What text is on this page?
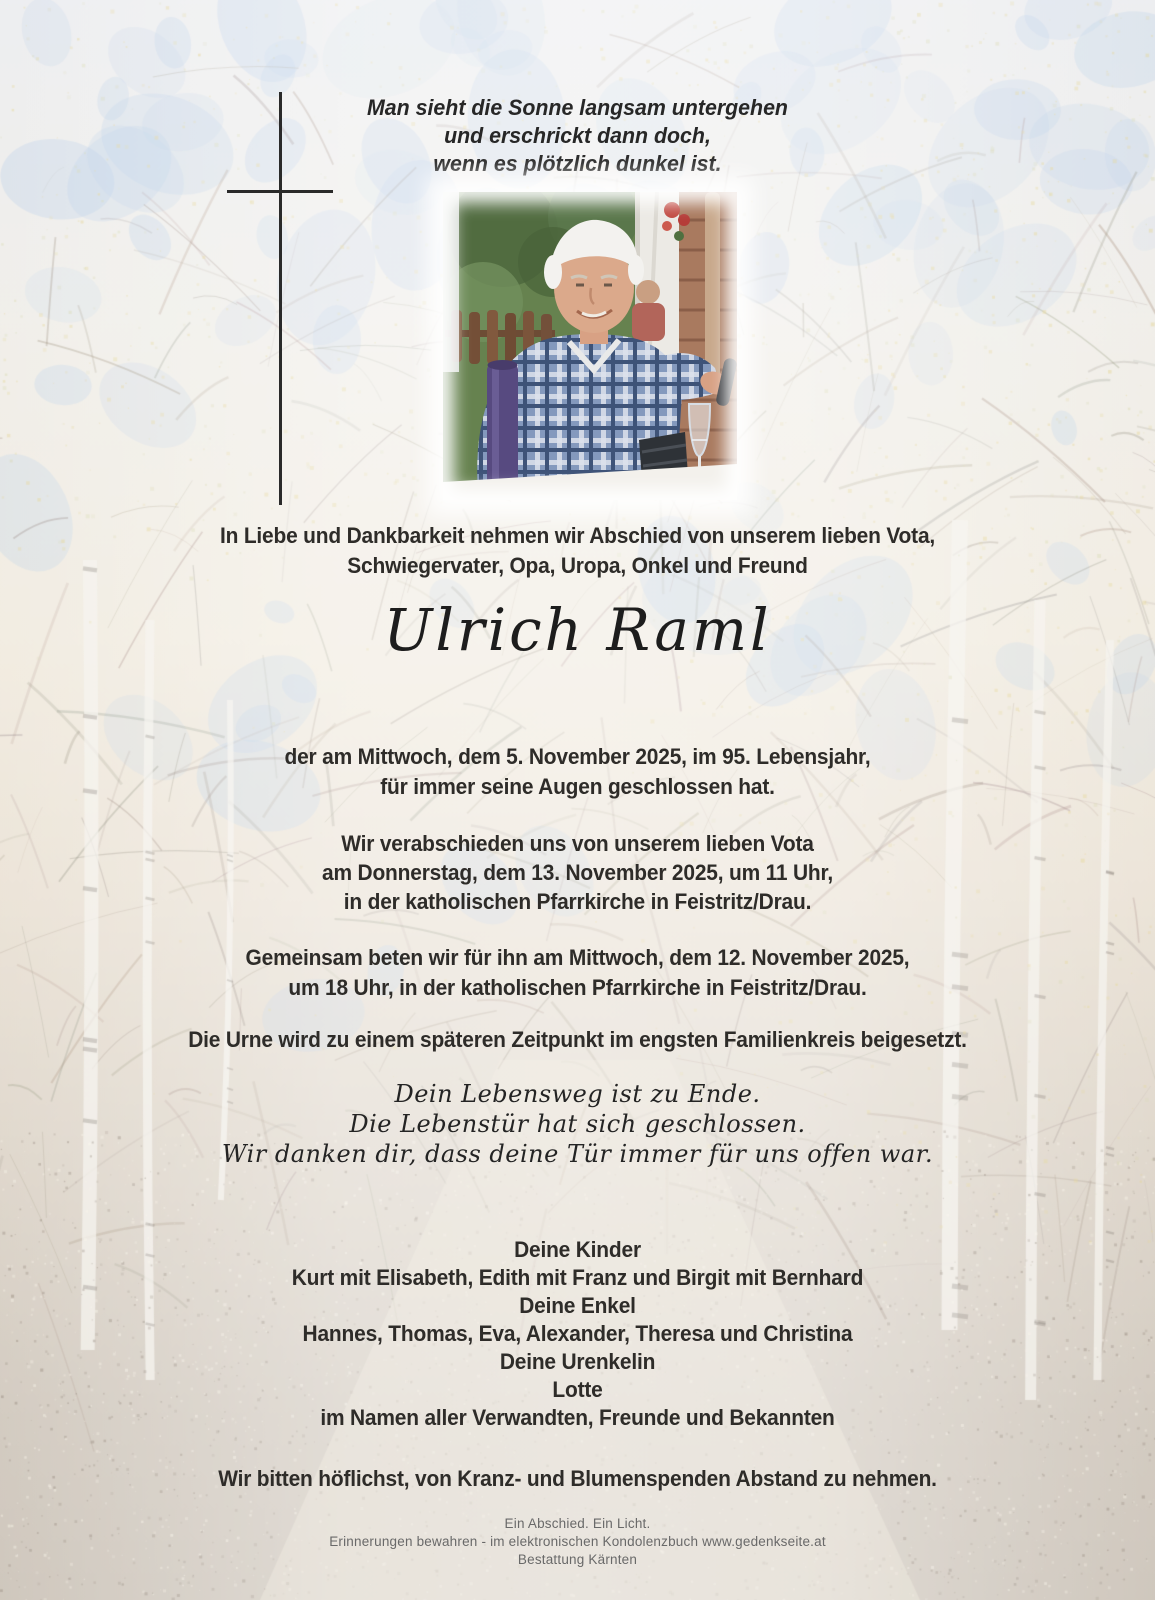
Man sieht die Sonne langsam untergehen
und erschrickt dann doch,
wenn es plötzlich dunkel ist.
In Liebe und Dankbarkeit nehmen wir Abschied von unserem lieben Vota,
Schwiegervater, Opa, Uropa, Onkel und Freund
Ulrich Raml
der am Mittwoch, dem 5. November 2025, im 95. Lebensjahr,
für immer seine Augen geschlossen hat.
Wir verabschieden uns von unserem lieben Vota
am Donnerstag, dem 13. November 2025, um 11 Uhr,
in der katholischen Pfarrkirche in Feistritz/Drau.
Gemeinsam beten wir für ihn am Mittwoch, dem 12. November 2025,
um 18 Uhr, in der katholischen Pfarrkirche in Feistritz/Drau.
Die Urne wird zu einem späteren Zeitpunkt im engsten Familienkreis beigesetzt.
Dein Lebensweg ist zu Ende.
Die Lebenstür hat sich geschlossen.
Wir danken dir, dass deine Tür immer für uns offen war.
Deine Kinder
Kurt mit Elisabeth, Edith mit Franz und Birgit mit Bernhard
Deine Enkel
Hannes, Thomas, Eva, Alexander, Theresa und Christina
Deine Urenkelin
Lotte
im Namen aller Verwandten, Freunde und Bekannten
Wir bitten höflichst, von Kranz- und Blumenspenden Abstand zu nehmen.
Ein Abschied. Ein Licht.
Erinnerungen bewahren - im elektronischen Kondolenzbuch www.gedenkseite.at
Bestattung Kärnten
